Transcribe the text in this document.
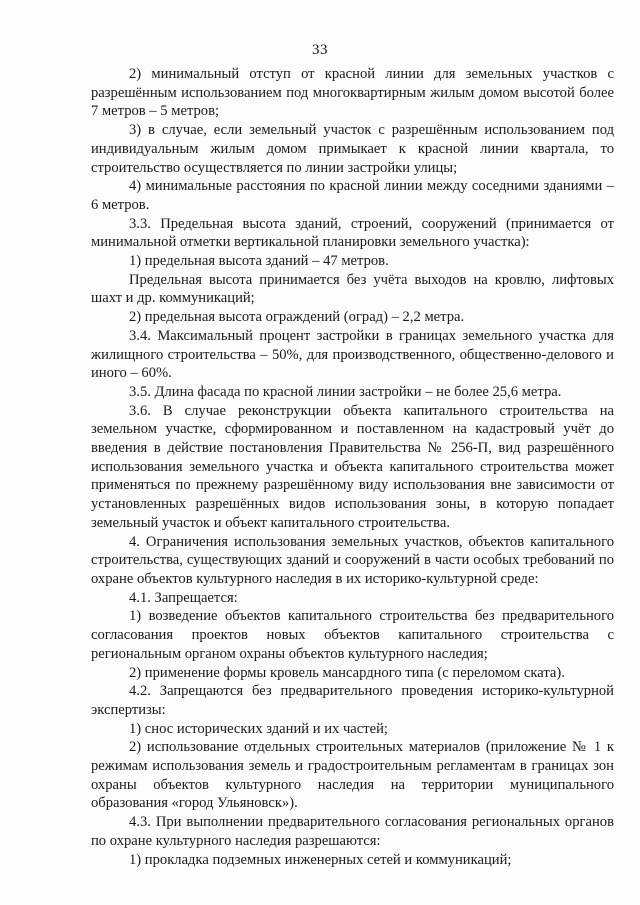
33

2) минимальный отступ от красной линии для земельных участков с разрешённым использованием под многоквартирным жилым домом высотой более 7 метров – 5 метров;

3) в случае, если земельный участок с разрешённым использованием под индивидуальным жилым домом примыкает к красной линии квартала, то строительство осуществляется по линии застройки улицы;

4) минимальные расстояния по красной линии между соседними зданиями – 6 метров.

3.3. Предельная высота зданий, строений, сооружений (принимается от минимальной отметки вертикальной планировки земельного участка):

1) предельная высота зданий – 47 метров.

Предельная высота принимается без учёта выходов на кровлю, лифтовых шахт и др. коммуникаций;

2) предельная высота ограждений (оград) – 2,2 метра.

3.4. Максимальный процент застройки в границах земельного участка для жилищного строительства – 50%, для производственного, общественно-делового и иного – 60%.

3.5. Длина фасада по красной линии застройки – не более 25,6 метра.

3.6. В случае реконструкции объекта капитального строительства на земельном участке, сформированном и поставленном на кадастровый учёт до введения в действие постановления Правительства № 256-П, вид разрешённого использования земельного участка и объекта капитального строительства может применяться по прежнему разрешённому виду использования вне зависимости от установленных разрешённых видов использования зоны, в которую попадает земельный участок и объект капитального строительства.

4. Ограничения использования земельных участков, объектов капитального строительства, существующих зданий и сооружений в части особых требований по охране объектов культурного наследия в их историко-культурной среде:

4.1. Запрещается:

1) возведение объектов капитального строительства без предварительного согласования проектов новых объектов капитального строительства с региональным органом охраны объектов культурного наследия;

2) применение формы кровель мансардного типа (с переломом ската).

4.2. Запрещаются без предварительного проведения историко-культурной экспертизы:

1) снос исторических зданий и их частей;

2) использование отдельных строительных материалов (приложение № 1 к режимам использования земель и градостроительным регламентам в границах зон охраны объектов культурного наследия на территории муниципального образования «город Ульяновск»).

4.3. При выполнении предварительного согласования региональных органов по охране культурного наследия разрешаются:

1) прокладка подземных инженерных сетей и коммуникаций;
